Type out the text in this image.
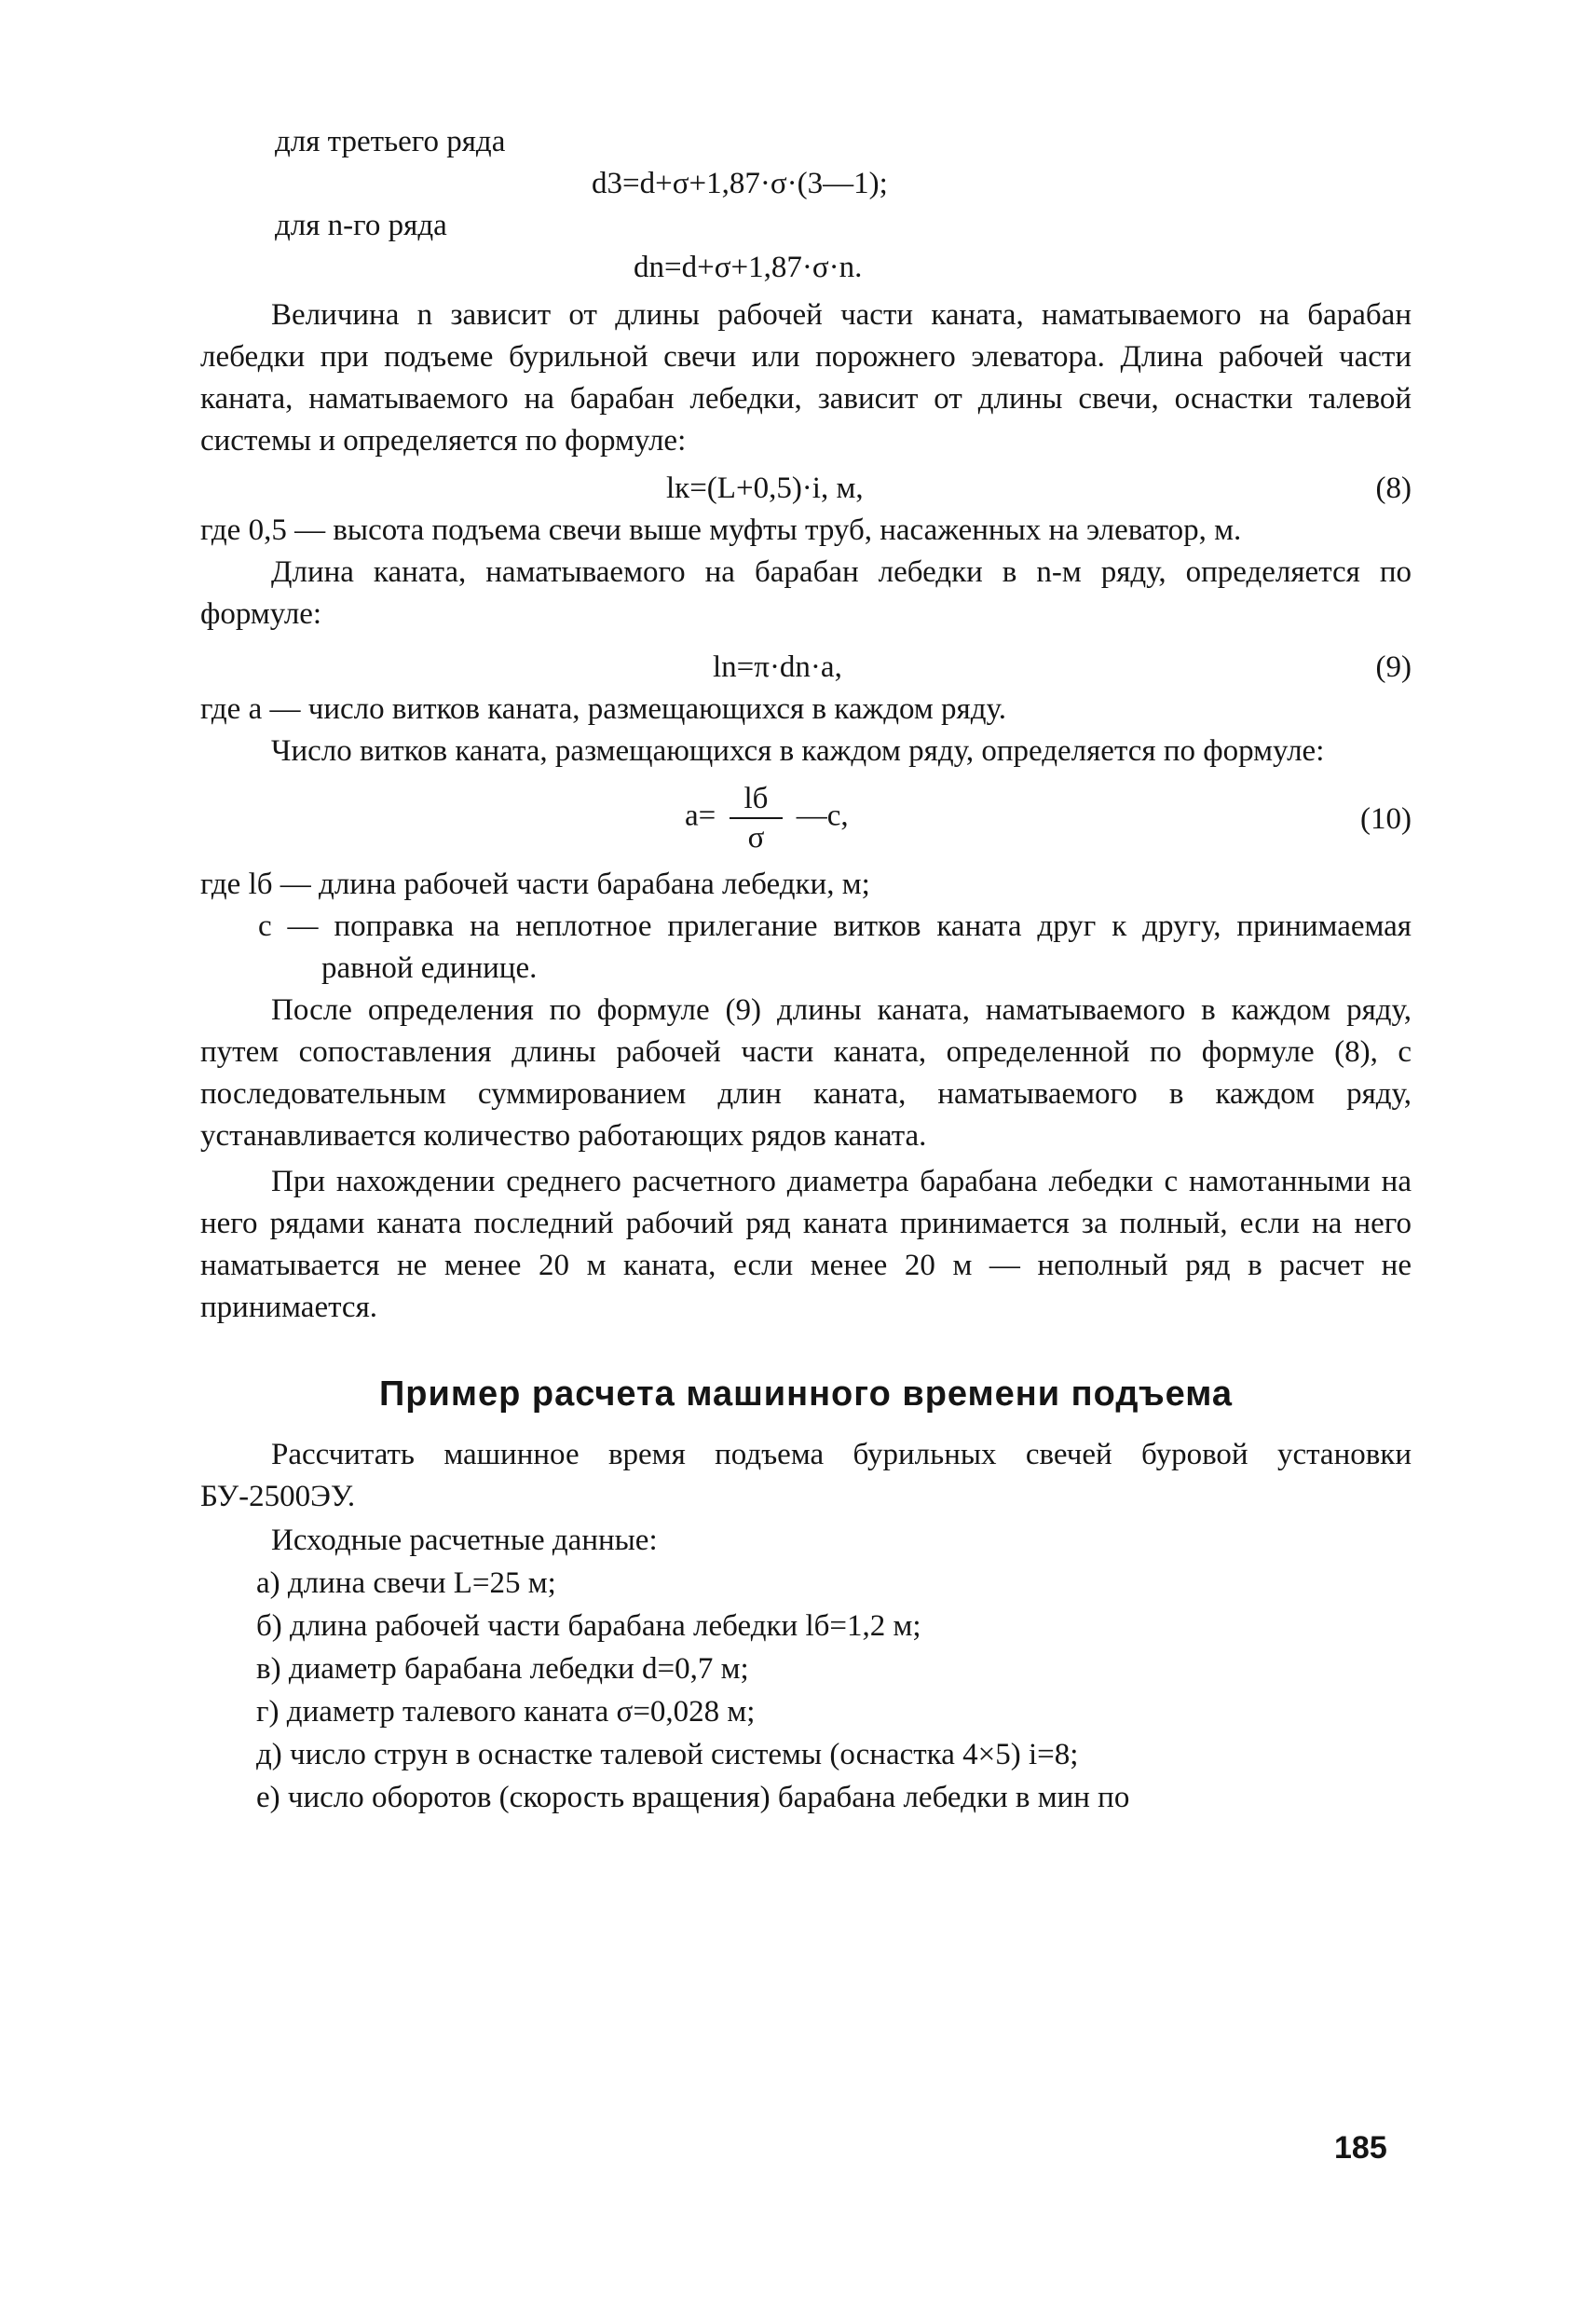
для третьего ряда
d3=d+σ+1,87·σ·(3—1);
для n-го ряда
dn=d+σ+1,87·σ·n.

Величина n зависит от длины рабочей части каната, наматываемого на барабан лебедки при подъеме бурильной свечи или порожнего элеватора. Длина рабочей части каната, наматываемого на барабан лебедки, зависит от длины свечи, оснастки талевой системы и определяется по формуле:

lк=(L+0,5)·i, м,	(8)

где 0,5 — высота подъема свечи выше муфты труб, насаженных на элеватор, м.

Длина каната, наматываемого на барабан лебедки в n-м ряду, определяется по формуле:

ln=π·dn·a,	(9)

где a — число витков каната, размещающихся в каждом ряду.

Число витков каната, размещающихся в каждом ряду, определяется по формуле:

$a= \frac{lб}{\sigma}$ —c,	(10)

где lб — длина рабочей части барабана лебедки, м;

c — поправка на неплотное прилегание витков каната друг к другу, принимаемая равной единице.

После определения по формуле (9) длины каната, наматываемого в каждом ряду, путем сопоставления длины рабочей части каната, определенной по формуле (8), с последовательным суммированием длин каната, наматываемого в каждом ряду, устанавливается количество работающих рядов каната.

При нахождении среднего расчетного диаметра барабана лебедки с намотанными на него рядами каната последний рабочий ряд каната принимается за полный, если на него наматывается не менее 20 м каната, если менее 20 м — неполный ряд в расчет не принимается.

Пример расчета машинного времени подъема

Рассчитать машинное время подъема бурильных свечей буровой установки БУ-2500ЭУ.

Исходные расчетные данные:

а) длина свечи L=25 м;

б) длина рабочей части барабана лебедки lб=1,2 м;

в) диаметр барабана лебедки d=0,7 м;

г) диаметр талевого каната σ=0,028 м;

д) число струн в оснастке талевой системы (оснастка 4×5) i=8;

е) число оборотов (скорость вращения) барабана лебедки в мин по

185
